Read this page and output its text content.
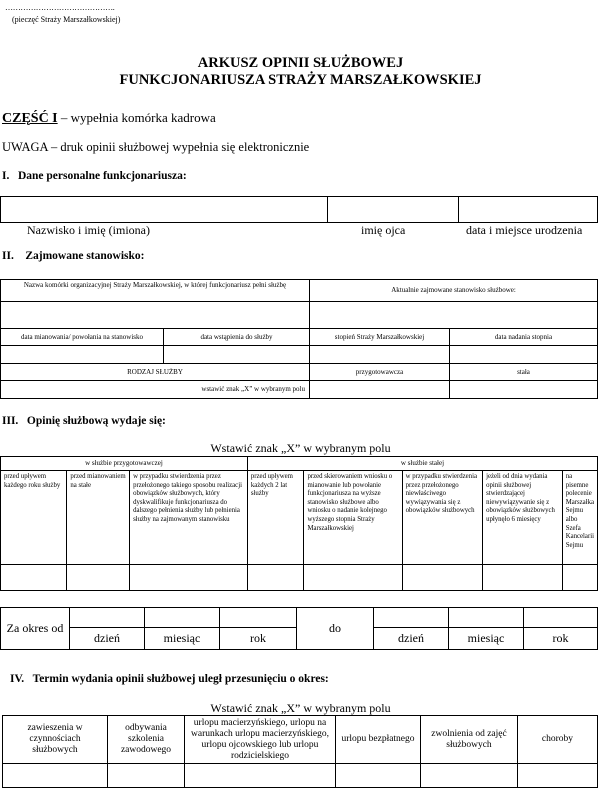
…………………………………….
(pieczęć Straży Marszałkowskiej)
ARKUSZ OPINII SŁUŻBOWEJ
FUNKCJONARIUSZA STRAŻY MARSZAŁKOWSKIEJ
CZĘŚĆ I – wypełnia komórka kadrowa
UWAGA – druk opinii służbowej wypełnia się elektronicznie
I.   Dane personalne funkcjonariusza:

Nazwisko i imię (imiona)	imię ojca	data i miejsce urodzenia
II.    Zajmowane stanowisko:
Nazwa komórki organizacyjnej Straży Marszałkowskiej, w której funkcjonariusz pełni służbę		Aktualnie zajmowane stanowisko służbowe:	

data mianowania/ powołania na stanowisko	data wstąpienia do służby	stopień Straży Marszałkowskiej	data nadania stopnia

RODZAJ SŁUŻBY		przygotowawcza	stała
wstawić znak „X” w wybranym polu			
III.   Opinię służbową wydaje się:
Wstawić znak „X” w wybranym polu
w służbie przygotowawczej			w służbie stałej				
przed upływem każdego roku służby	przed mianowaniem na stałe	w przypadku stwierdzenia przez przełożonego takiego sposobu realizacji obowiązków służbowych, który dyskwalifikuje funkcjonariusza do dalszego pełnienia służby lub pełnienia służby na zajmowanym stanowisku	przed upływem każdych 2 lat służby	przed skierowaniem wniosku o mianowanie lub powołanie funkcjonariusza na wyższe stanowisko służbowe albo wniosku o nadanie kolejnego wyższego stopnia Straży Marszałkowskiej	w przypadku stwierdzenia przez przełożonego niewłaściwego wywiązywania się z obowiązków służbowych	jeżeli od dnia wydania opinii służbowej stwierdzającej niewywiązywanie się z obowiązków służbowych upłynęło 6 miesięcy	na pisemne polecenie Marszałka Sejmu albo Szefa Kancelarii Sejmu

Za okres od				do			
	dzień	miesiąc	rok		dzień	miesiąc	rok
IV.   Termin wydania opinii służbowej uległ przesunięciu o okres:
Wstawić znak „X” w wybranym polu
zawieszenia w czynnościach służbowych	odbywania szkolenia zawodowego	urlopu macierzyńskiego, urlopu na warunkach urlopu macierzyńskiego, urlopu ojcowskiego lub urlopu rodzicielskiego	urlopu bezpłatnego	zwolnienia od zajęć służbowych	choroby
